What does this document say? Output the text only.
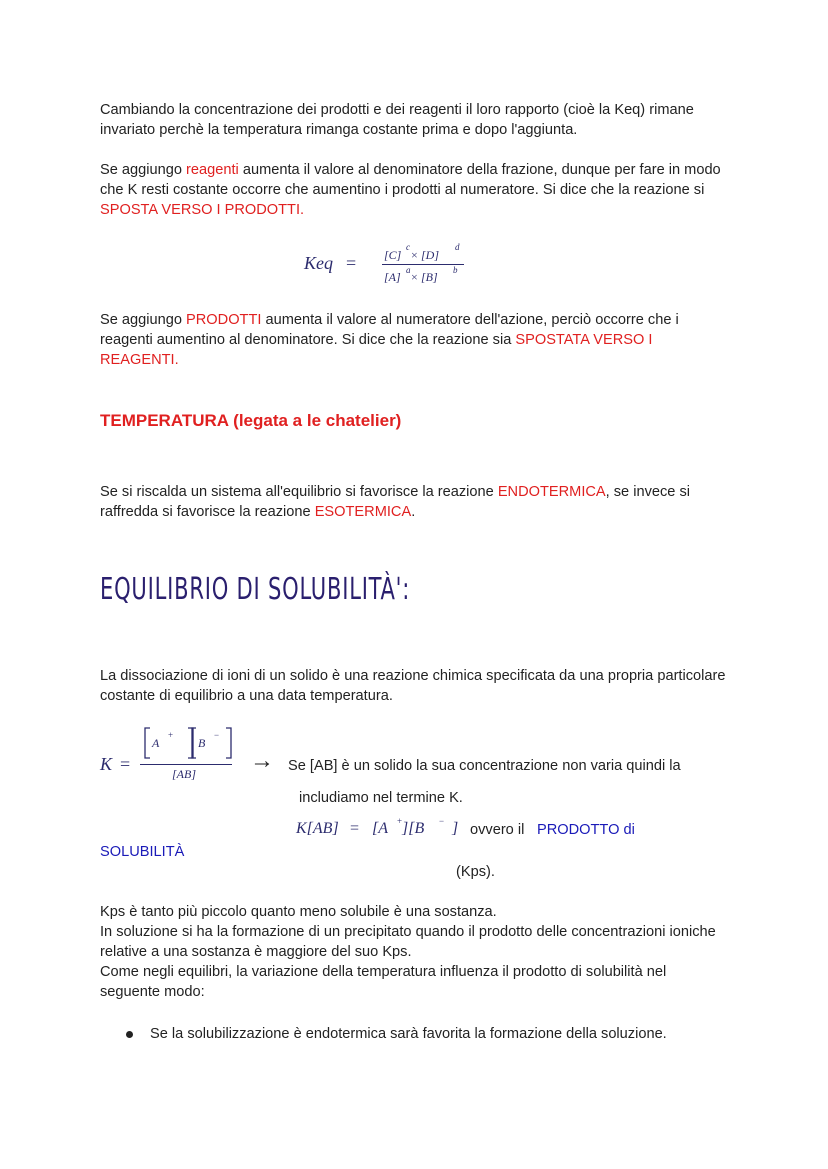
Cambiando la concentrazione dei prodotti e dei reagenti il loro rapporto (cioè la Keq) rimane invariato perchè la temperatura rimanga costante prima e dopo l'aggiunta.

Se aggiungo reagenti aumenta il valore al denominatore della frazione, dunque per fare in modo che K resti costante occorre che aumentino i prodotti al numeratore. Si dice che la reazione si SPOSTA VERSO I PRODOTTI.

Keq = [C]
c
× [D]
d
[A] a × [B] b

Se aggiungo PRODOTTI aumenta il valore al numeratore dell'azione, perciò occorre che i reagenti aumentino al denominatore. Si dice che la reazione sia SPOSTATA VERSO I REAGENTI.

TEMPERATURA (legata a le chatelier)

Se si riscalda un sistema all'equilibrio si favorisce la reazione ENDOTERMICA, se invece si raffredda si favorisce la reazione ESOTERMICA.

EQUILIBRIO DI SOLUBILITÀ':

La dissociazione di ioni di un solido è una reazione chimica specificata da una propria particolare costante di equilibrio a una data temperatura.

K =
A
+
B
−
[AB] → Se [AB] è un solido la sua concentrazione non varia quindi la

includiamo nel termine K.

K[AB] = [A + ][B − ] ovvero il PRODOTTO di

SOLUBILITÀ

(Kps).

Kps è tanto più piccolo quanto meno solubile è una sostanza.

In soluzione si ha la formazione di un precipitato quando il prodotto delle concentrazioni ioniche relative a una sostanza è maggiore del suo Kps.

Come negli equilibri, la variazione della temperatura influenza il prodotto di solubilità nel seguente modo:

Se la solubilizzazione è endotermica sarà favorita la formazione della soluzione.
